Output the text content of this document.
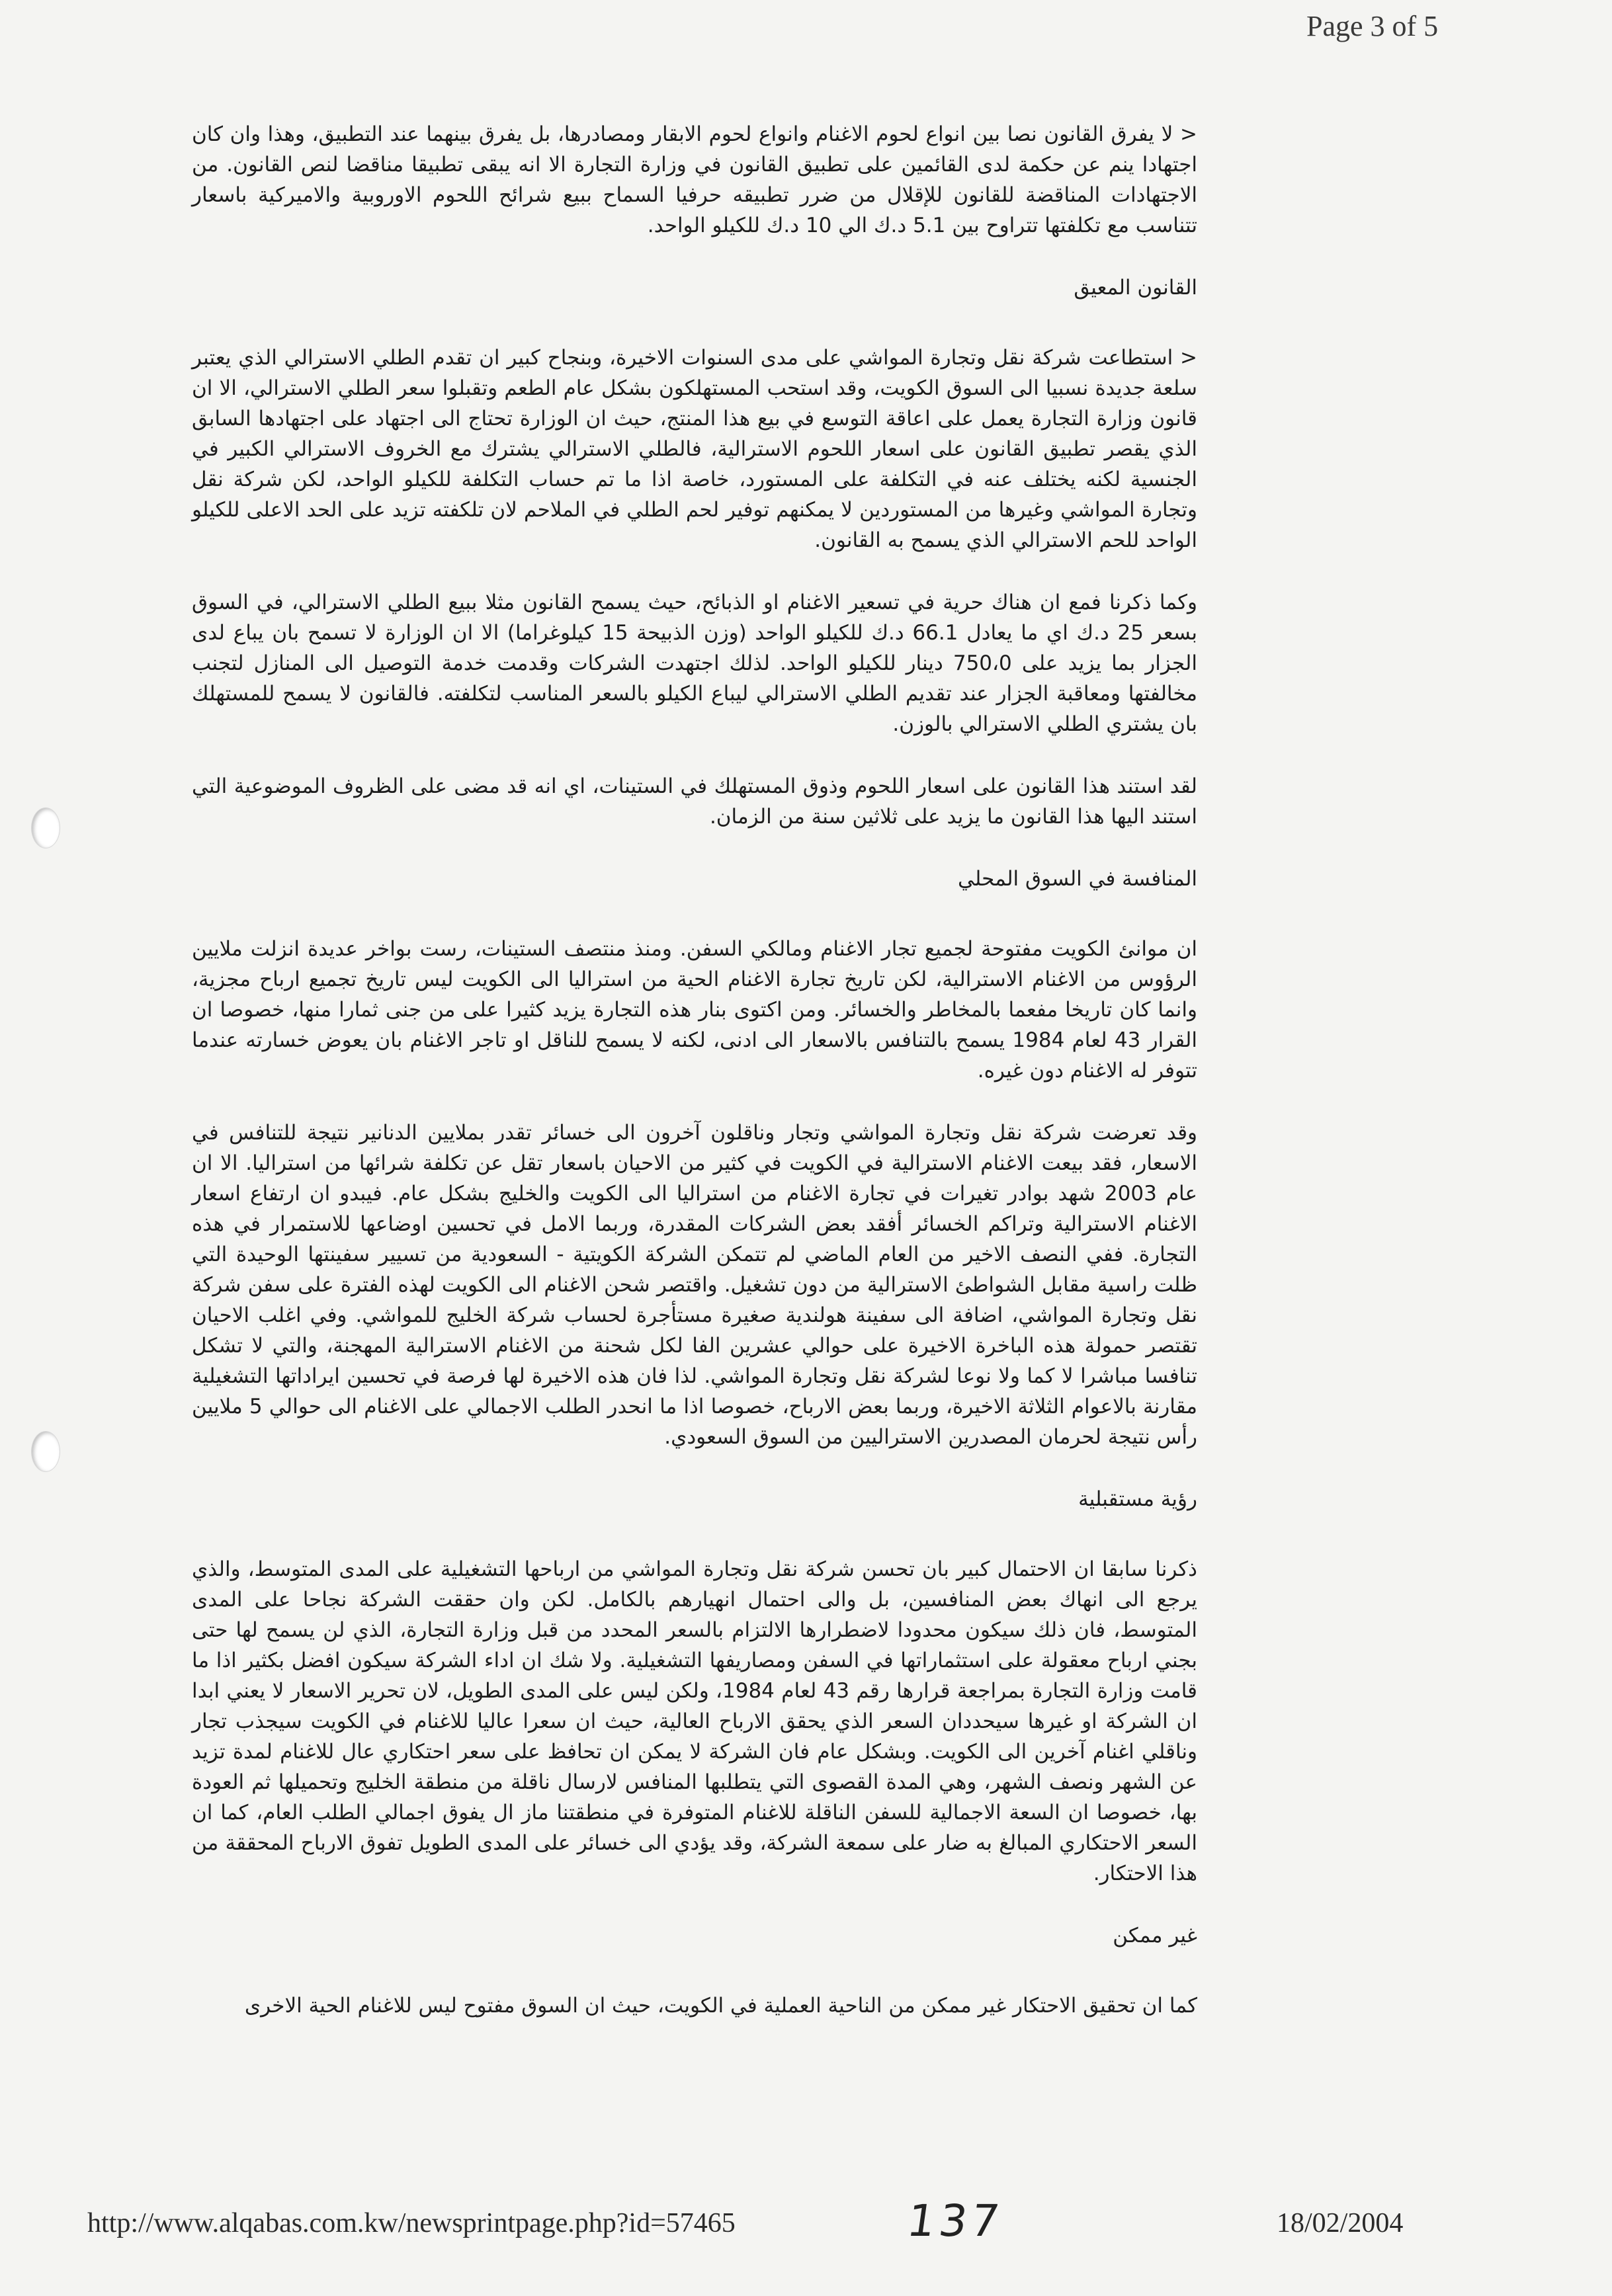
Page 3 of 5

< لا يفرق القانون نصا بين انواع لحوم الاغنام وانواع لحوم الابقار ومصادرها، بل يفرق بينهما عند التطبيق، وهذا وان كان اجتهادا ينم عن حكمة لدى القائمين على تطبيق القانون في وزارة التجارة الا انه يبقى تطبيقا مناقضا لنص القانون. من الاجتهادات المناقضة للقانون للإقلال من ضرر تطبيقه حرفيا السماح ببيع شرائح اللحوم الاوروبية والاميركية باسعار تتناسب مع تكلفتها تتراوح بين 5.1 د.ك الي 10 د.ك للكيلو الواحد.

القانون المعيق

< استطاعت شركة نقل وتجارة المواشي على مدى السنوات الاخيرة، وبنجاح كبير ان تقدم الطلي الاسترالي الذي يعتبر سلعة جديدة نسبيا الى السوق الكويت، وقد استحب المستهلكون بشكل عام الطعم وتقبلوا سعر الطلي الاسترالي، الا ان قانون وزارة التجارة يعمل على اعاقة التوسع في بيع هذا المنتج، حيث ان الوزارة تحتاج الى اجتهاد على اجتهادها السابق الذي يقصر تطبيق القانون على اسعار اللحوم الاسترالية، فالطلي الاسترالي يشترك مع الخروف الاسترالي الكبير في الجنسية لكنه يختلف عنه في التكلفة على المستورد، خاصة اذا ما تم حساب التكلفة للكيلو الواحد، لكن شركة نقل وتجارة المواشي وغيرها من المستوردين لا يمكنهم توفير لحم الطلي في الملاحم لان تلكفته تزيد على الحد الاعلى للكيلو الواحد للحم الاسترالي الذي يسمح به القانون.

وكما ذكرنا فمع ان هناك حرية في تسعير الاغنام او الذبائح، حيث يسمح القانون مثلا ببيع الطلي الاسترالي، في السوق بسعر 25 د.ك اي ما يعادل 66.1 د.ك للكيلو الواحد (وزن الذبيحة 15 كيلوغراما) الا ان الوزارة لا تسمح بان يباع لدى الجزار بما يزيد على 750،0 دينار للكيلو الواحد. لذلك اجتهدت الشركات وقدمت خدمة التوصيل الى المنازل لتجنب مخالفتها ومعاقبة الجزار عند تقديم الطلي الاسترالي ليباع الكيلو بالسعر المناسب لتكلفته. فالقانون لا يسمح للمستهلك بان يشتري الطلي الاسترالي بالوزن.

لقد استند هذا القانون على اسعار اللحوم وذوق المستهلك في الستينات، اي انه قد مضى على الظروف الموضوعية التي استند اليها هذا القانون ما يزيد على ثلاثين سنة من الزمان.

المنافسة في السوق المحلي

ان موانئ الكويت مفتوحة لجميع تجار الاغنام ومالكي السفن. ومنذ منتصف الستينات، رست بواخر عديدة انزلت ملايين الرؤوس من الاغنام الاسترالية، لكن تاريخ تجارة الاغنام الحية من استراليا الى الكويت ليس تاريخ تجميع ارباح مجزية، وانما كان تاريخا مفعما بالمخاطر والخسائر. ومن اكتوى بنار هذه التجارة يزيد كثيرا على من جنى ثمارا منها، خصوصا ان القرار 43 لعام 1984 يسمح بالتنافس بالاسعار الى ادنى، لكنه لا يسمح للناقل او تاجر الاغنام بان يعوض خسارته عندما تتوفر له الاغنام دون غيره.

وقد تعرضت شركة نقل وتجارة المواشي وتجار وناقلون آخرون الى خسائر تقدر بملايين الدنانير نتيجة للتنافس في الاسعار، فقد بيعت الاغنام الاسترالية في الكويت في كثير من الاحيان باسعار تقل عن تكلفة شرائها من استراليا. الا ان عام 2003 شهد بوادر تغيرات في تجارة الاغنام من استراليا الى الكويت والخليج بشكل عام. فيبدو ان ارتفاع اسعار الاغنام الاسترالية وتراكم الخسائر أفقد بعض الشركات المقدرة، وربما الامل في تحسين اوضاعها للاستمرار في هذه التجارة. ففي النصف الاخير من العام الماضي لم تتمكن الشركة الكويتية - السعودية من تسيير سفينتها الوحيدة التي ظلت راسية مقابل الشواطئ الاسترالية من دون تشغيل. واقتصر شحن الاغنام الى الكويت لهذه الفترة على سفن شركة نقل وتجارة المواشي، اضافة الى سفينة هولندية صغيرة مستأجرة لحساب شركة الخليج للمواشي. وفي اغلب الاحيان تقتصر حمولة هذه الباخرة الاخيرة على حوالي عشرين الفا لكل شحنة من الاغنام الاسترالية المهجنة، والتي لا تشكل تنافسا مباشرا لا كما ولا نوعا لشركة نقل وتجارة المواشي. لذا فان هذه الاخيرة لها فرصة في تحسين ايراداتها التشغيلية مقارنة بالاعوام الثلاثة الاخيرة، وربما بعض الارباح، خصوصا اذا ما انحدر الطلب الاجمالي على الاغنام الى حوالي 5 ملايين رأس نتيجة لحرمان المصدرين الاستراليين من السوق السعودي.

رؤية مستقبلية

ذكرنا سابقا ان الاحتمال كبير بان تحسن شركة نقل وتجارة المواشي من ارباحها التشغيلية على المدى المتوسط، والذي يرجع الى انهاك بعض المنافسين، بل والى احتمال انهيارهم بالكامل. لكن وان حققت الشركة نجاحا على المدى المتوسط، فان ذلك سيكون محدودا لاضطرارها الالتزام بالسعر المحدد من قبل وزارة التجارة، الذي لن يسمح لها حتى بجني ارباح معقولة على استثماراتها في السفن ومصاريفها التشغيلية. ولا شك ان اداء الشركة سيكون افضل بكثير اذا ما قامت وزارة التجارة بمراجعة قرارها رقم 43 لعام 1984، ولكن ليس على المدى الطويل، لان تحرير الاسعار لا يعني ابدا ان الشركة او غيرها سيحددان السعر الذي يحقق الارباح العالية، حيث ان سعرا عاليا للاغنام في الكويت سيجذب تجار وناقلي اغنام آخرين الى الكويت. وبشكل عام فان الشركة لا يمكن ان تحافظ على سعر احتكاري عال للاغنام لمدة تزيد عن الشهر ونصف الشهر، وهي المدة القصوى التي يتطلبها المنافس لارسال ناقلة من منطقة الخليج وتحميلها ثم العودة بها، خصوصا ان السعة الاجمالية للسفن الناقلة للاغنام المتوفرة في منطقتنا ماز ال يفوق اجمالي الطلب العام، كما ان السعر الاحتكاري المبالغ به ضار على سمعة الشركة، وقد يؤدي الى خسائر على المدى الطويل تفوق الارباح المحققة من هذا الاحتكار.

غير ممكن

كما ان تحقيق الاحتكار غير ممكن من الناحية العملية في الكويت، حيث ان السوق مفتوح ليس للاغنام الحية الاخرى

http://www.alqabas.com.kw/newsprintpage.php?id=57465	137	18/02/2004
